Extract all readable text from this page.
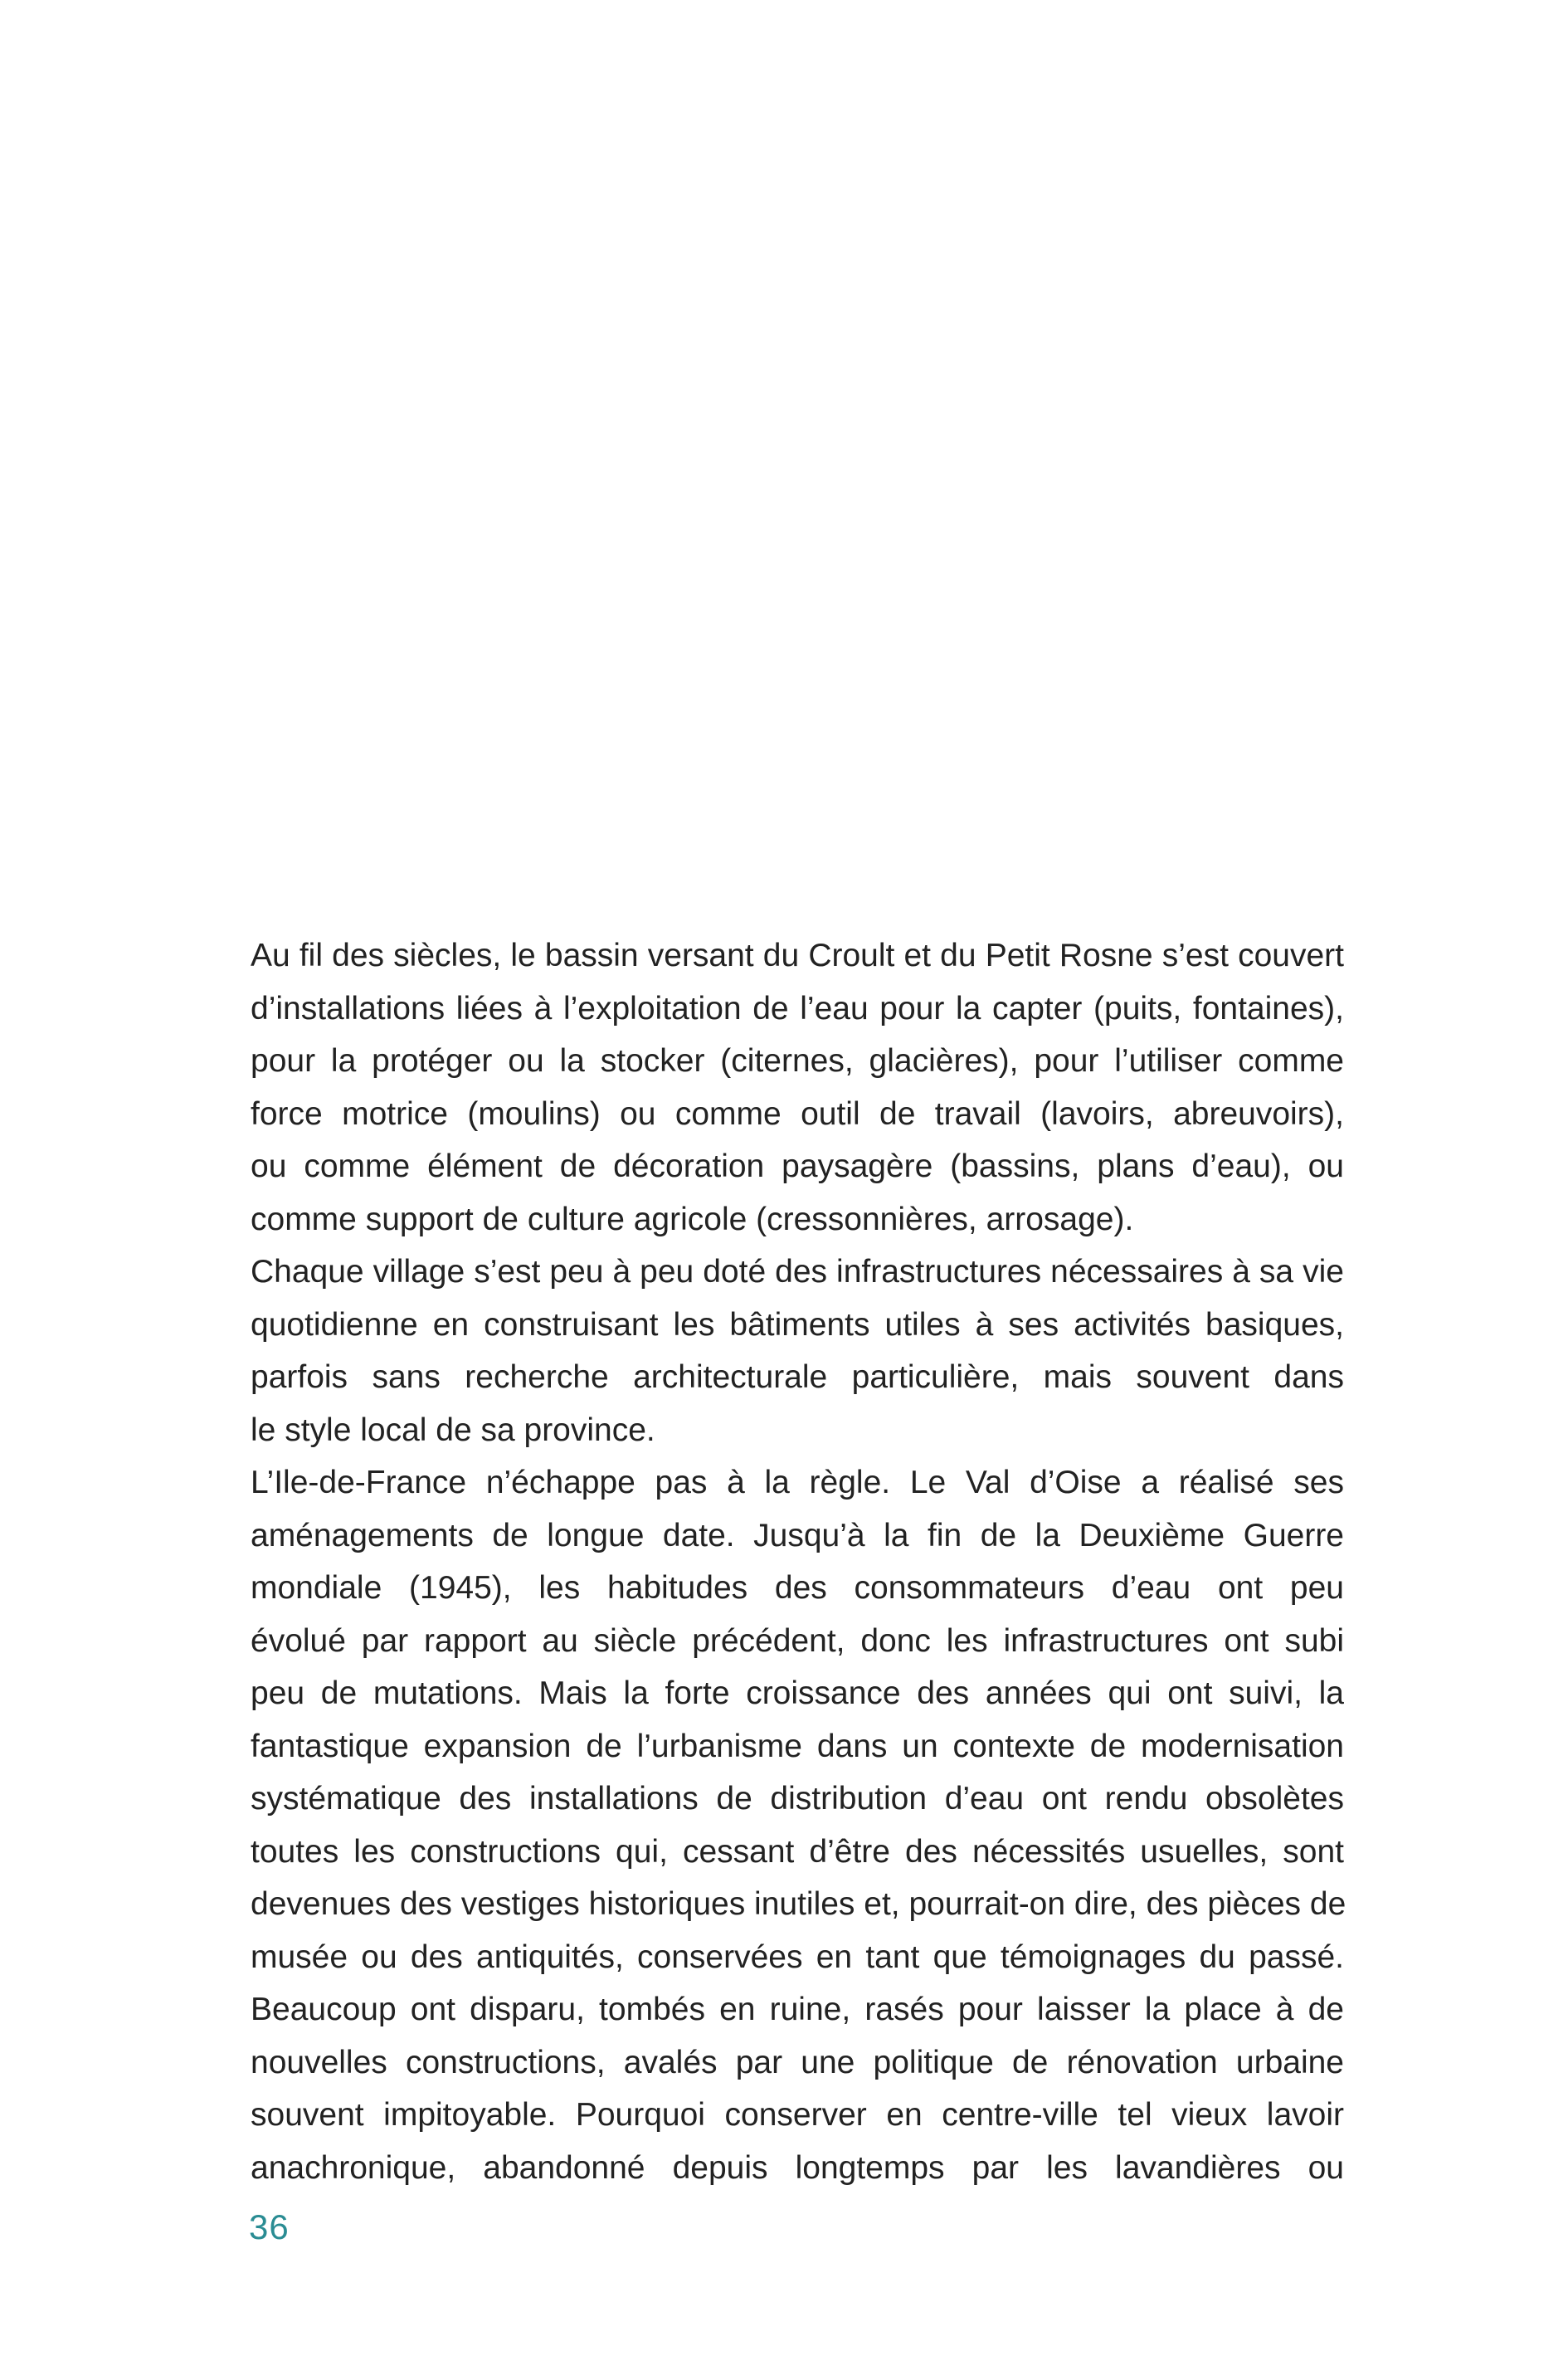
Au fil des siècles, le bassin versant du Croult et du Petit Rosne s’est couvert
d’installations liées à l’exploitation de l’eau pour la capter (puits, fontaines),
pour la protéger ou la stocker (citernes, glacières), pour l’utiliser comme
force motrice (moulins) ou comme outil de travail (lavoirs, abreuvoirs),
ou comme élément de décoration paysagère (bassins, plans d’eau), ou
comme support de culture agricole (cressonnières, arrosage).
Chaque village s’est peu à peu doté des infrastructures nécessaires à sa vie
quotidienne en construisant les bâtiments utiles à ses activités basiques,
parfois sans recherche architecturale particulière, mais souvent dans
le style local de sa province.
L’Ile-de-France n’échappe pas à la règle. Le Val d’Oise a réalisé ses
aménagements de longue date. Jusqu’à la fin de la Deuxième Guerre
mondiale (1945), les habitudes des consommateurs d’eau ont peu
évolué par rapport au siècle précédent, donc les infrastructures ont subi
peu de mutations. Mais la forte croissance des années qui ont suivi, la
fantastique expansion de l’urbanisme dans un contexte de modernisation
systématique des installations de distribution d’eau ont rendu obsolètes
toutes les constructions qui, cessant d’être des nécessités usuelles, sont
devenues des vestiges historiques inutiles et, pourrait-on dire, des pièces de
musée ou des antiquités, conservées en tant que témoignages du passé.
Beaucoup ont disparu, tombés en ruine, rasés pour laisser la place à de
nouvelles constructions, avalés par une politique de rénovation urbaine
souvent impitoyable. Pourquoi conserver en centre-ville tel vieux lavoir
anachronique, abandonné depuis longtemps par les lavandières ou
36
